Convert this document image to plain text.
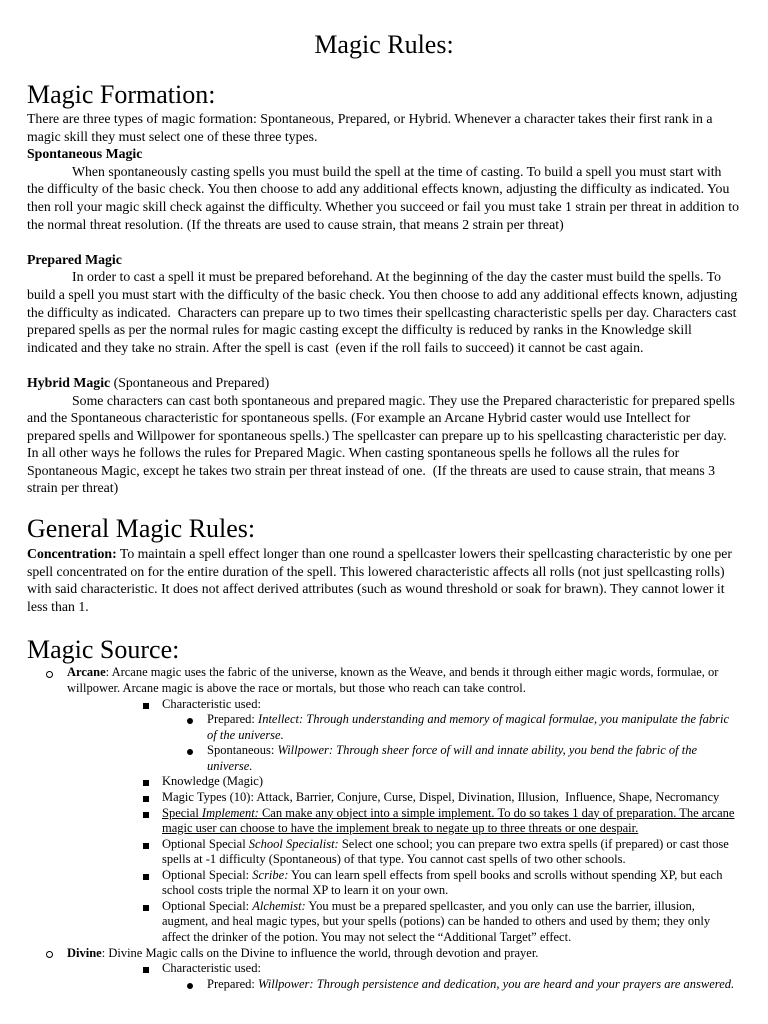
Magic Rules:
Magic Formation:
There are three types of magic formation: Spontaneous, Prepared, or Hybrid. Whenever a character takes their first rank in a
magic skill they must select one of these three types.
Spontaneous Magic
When spontaneously casting spells you must build the spell at the time of casting. To build a spell you must start with
the difficulty of the basic check. You then choose to add any additional effects known, adjusting the difficulty as indicated. You
then roll your magic skill check against the difficulty. Whether you succeed or fail you must take 1 strain per threat in addition to
the normal threat resolution. (If the threats are used to cause strain, that means 2 strain per threat)
Prepared Magic
In order to cast a spell it must be prepared beforehand. At the beginning of the day the caster must build the spells. To
build a spell you must start with the difficulty of the basic check. You then choose to add any additional effects known, adjusting
the difficulty as indicated.  Characters can prepare up to two times their spellcasting characteristic spells per day. Characters cast
prepared spells as per the normal rules for magic casting except the difficulty is reduced by ranks in the Knowledge skill
indicated and they take no strain. After the spell is cast  (even if the roll fails to succeed) it cannot be cast again.
Hybrid Magic (Spontaneous and Prepared)
Some characters can cast both spontaneous and prepared magic. They use the Prepared characteristic for prepared spells
and the Spontaneous characteristic for spontaneous spells. (For example an Arcane Hybrid caster would use Intellect for
prepared spells and Willpower for spontaneous spells.) The spellcaster can prepare up to his spellcasting characteristic per day.
In all other ways he follows the rules for Prepared Magic. When casting spontaneous spells he follows all the rules for
Spontaneous Magic, except he takes two strain per threat instead of one.  (If the threats are used to cause strain, that means 3
strain per threat)
General Magic Rules:
Concentration: To maintain a spell effect longer than one round a spellcaster lowers their spellcasting characteristic by one per
spell concentrated on for the entire duration of the spell. This lowered characteristic affects all rolls (not just spellcasting rolls)
with said characteristic. It does not affect derived attributes (such as wound threshold or soak for brawn). They cannot lower it
less than 1.
Magic Source:
Arcane: Arcane magic uses the fabric of the universe, known as the Weave, and bends it through either magic words, formulae, or
willpower. Arcane magic is above the race or mortals, but those who reach can take control.
Characteristic used:
Prepared: Intellect: Through understanding and memory of magical formulae, you manipulate the fabric
of the universe.
Spontaneous: Willpower: Through sheer force of will and innate ability, you bend the fabric of the
universe.
Knowledge (Magic)
Magic Types (10): Attack, Barrier, Conjure, Curse, Dispel, Divination, Illusion,  Influence, Shape, Necromancy
Special Implement: Can make any object into a simple implement. To do so takes 1 day of preparation. The arcane
magic user can choose to have the implement break to negate up to three threats or one despair.
Optional Special School Specialist: Select one school; you can prepare two extra spells (if prepared) or cast those
spells at -1 difficulty (Spontaneous) of that type. You cannot cast spells of two other schools.
Optional Special: Scribe: You can learn spell effects from spell books and scrolls without spending XP, but each
school costs triple the normal XP to learn it on your own.
Optional Special: Alchemist: You must be a prepared spellcaster, and you only can use the barrier, illusion,
augment, and heal magic types, but your spells (potions) can be handed to others and used by them; they only
affect the drinker of the potion. You may not select the “Additional Target” effect.
Divine: Divine Magic calls on the Divine to influence the world, through devotion and prayer.
Characteristic used:
Prepared: Willpower: Through persistence and dedication, you are heard and your prayers are answered.
